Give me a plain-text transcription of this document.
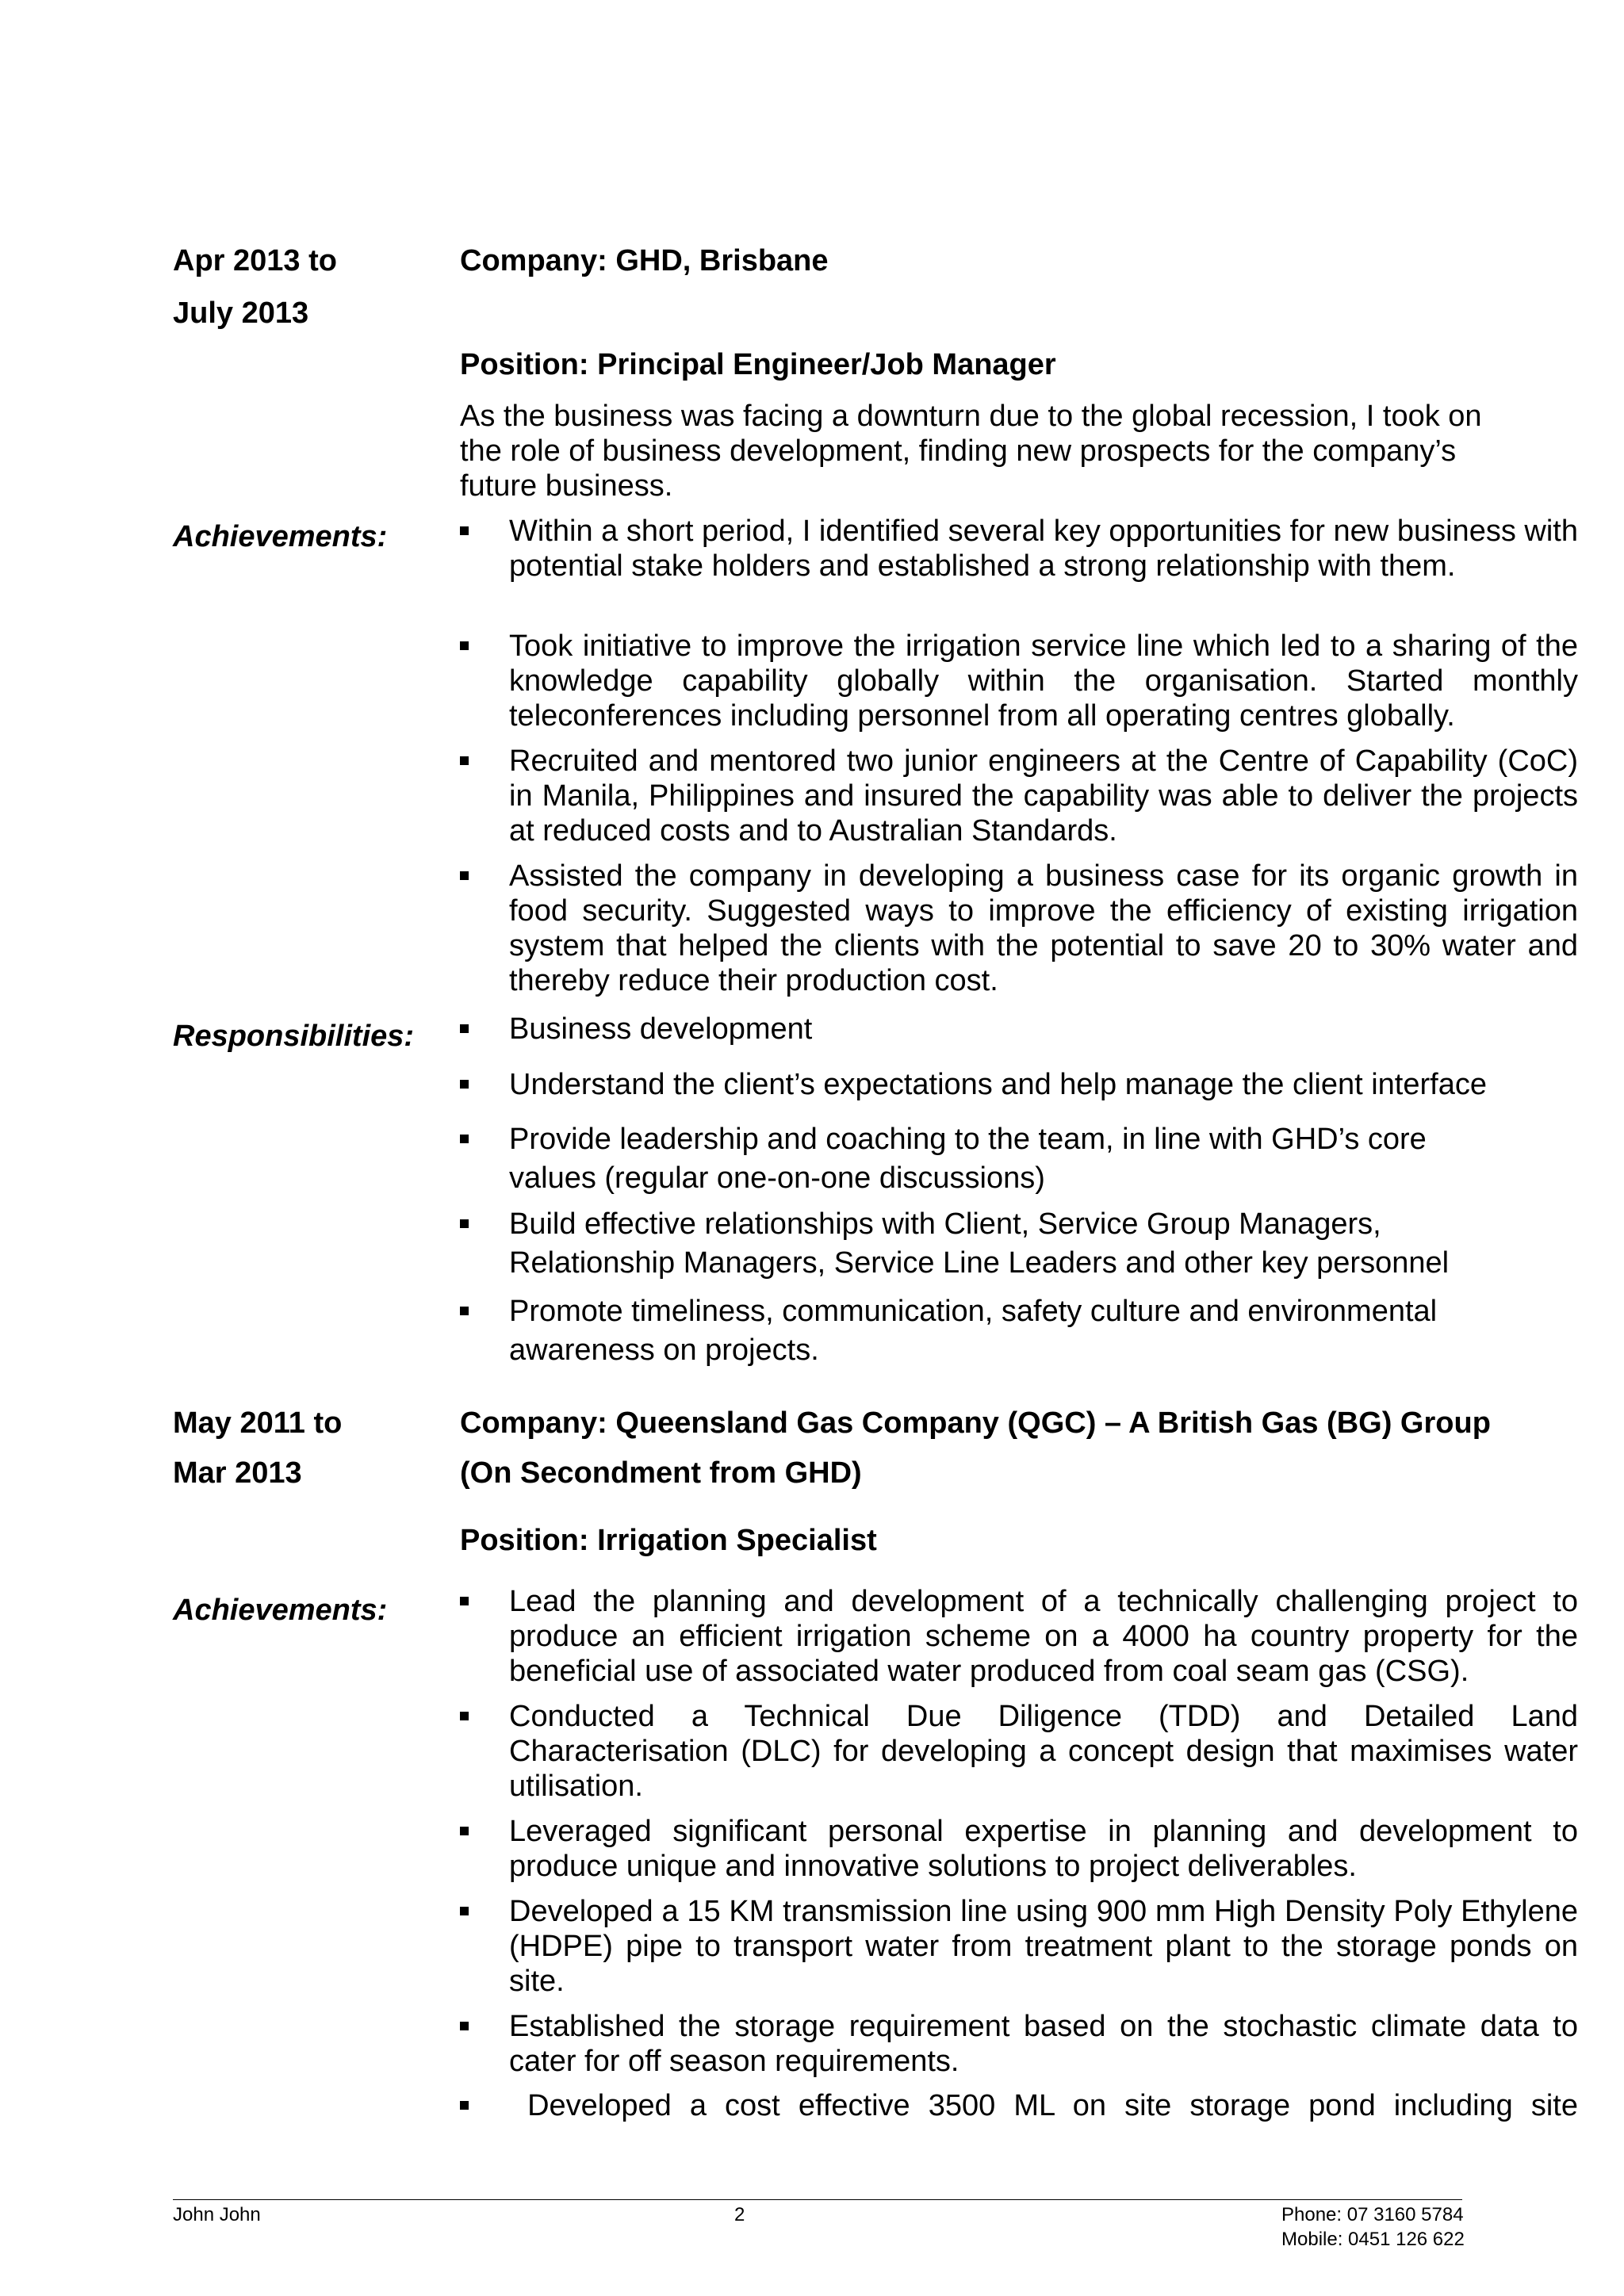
Apr 2013 to
July 2013
Company: GHD, Brisbane
Position: Principal Engineer/Job Manager
As the business was facing a downturn due to the global recession, I took on the role of business development, finding new prospects for the company’s future business.
Achievements:	Within a short period, I identified several key opportunities for new business with potential stake holders and established a strong relationship with them.
Took initiative to improve the irrigation service line which led to a sharing of the knowledge capability globally within the organisation. Started monthly teleconferences including personnel from all operating centres globally.
Recruited and mentored two junior engineers at the Centre of Capability (CoC) in Manila, Philippines and insured the capability was able to deliver the projects at reduced costs and to Australian Standards.
Assisted the company in developing a business case for its organic growth in food security. Suggested ways to improve the efficiency of existing irrigation system that helped the clients with the potential to save 20 to 30% water and thereby reduce their production cost.
Responsibilities:	Business development
Understand the client’s expectations and help manage the client interface
Provide leadership and coaching to the team, in line with GHD’s core values (regular one-on-one discussions)
Build effective relationships with Client, Service Group Managers, Relationship Managers, Service Line Leaders and other key personnel
Promote timeliness, communication, safety culture and environmental awareness on projects.
May 2011 to
Mar 2013
Company: Queensland Gas Company (QGC) – A British Gas (BG) Group
(On Secondment from GHD)
Position: Irrigation Specialist
Achievements:	Lead the planning and development of a technically challenging project to produce an efficient irrigation scheme on a 4000 ha country property for the beneficial use of associated water produced from coal seam gas (CSG).
Conducted a Technical Due Diligence (TDD) and Detailed Land Characterisation (DLC) for developing a concept design that maximises water utilisation.
Leveraged significant personal expertise in planning and development to produce unique and innovative solutions to project deliverables.
Developed a 15 KM transmission line using 900 mm High Density Poly Ethylene (HDPE) pipe to transport water from treatment plant to the storage ponds on site.
Established the storage requirement based on the stochastic climate data to cater for off season requirements.
Developed a cost effective 3500 ML on site storage pond including site
John John	2	Phone: 07 3160 5784
Mobile: 0451 126 622
